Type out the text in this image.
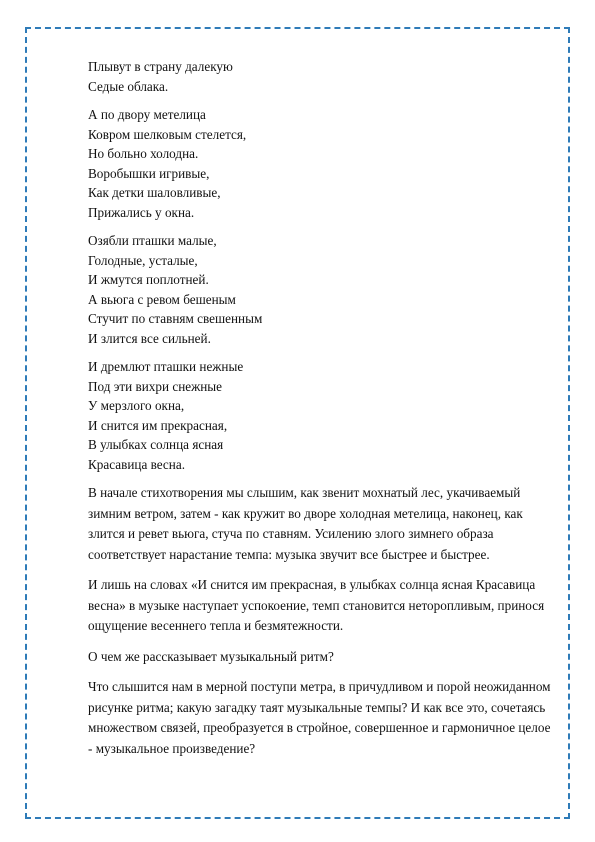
Плывут в страну далекую
Седые облака.
А по двору метелица
Ковром шелковым стелется,
Но больно холодна.
Воробышки игривые,
Как детки шаловливые,
Прижались у окна.
Озябли пташки малые,
Голодные, усталые,
И жмутся поплотней.
А вьюга с ревом бешеным
Стучит по ставням свешенным
И злится все сильней.
И дремлют пташки нежные
Под эти вихри снежные
У мерзлого окна,
И снится им прекрасная,
В улыбках солнца ясная
Красавица весна.

В начале стихотворения мы слышим, как звенит мохнатый лес, укачиваемый зимним ветром, затем - как кружит во дворе холодная метелица, наконец, как злится и ревет вьюга, стуча по ставням. Усилению злого зимнего образа соответствует нарастание темпа: музыка звучит все быстрее и быстрее.

И лишь на словах «И снится им прекрасная, в улыбках солнца ясная Красавица весна» в музыке наступает успокоение, темп становится неторопливым, принося ощущение весеннего тепла и безмятежности.

О чем же рассказывает музыкальный ритм?

Что слышится нам в мерной поступи метра, в причудливом и порой неожиданном рисунке ритма; какую загадку таят музыкальные темпы? И как все это, сочетаясь множеством связей, преобразуется в стройное, совершенное и гармоничное целое - музыкальное произведение?
